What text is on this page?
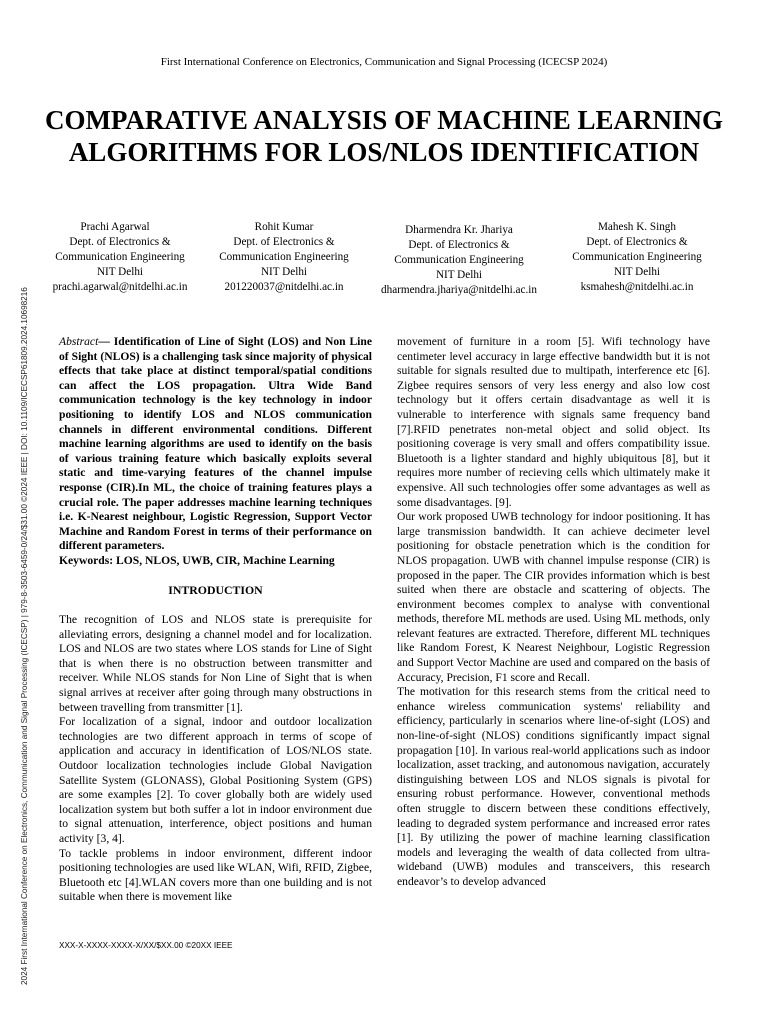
First International Conference on Electronics, Communication and Signal Processing (ICECSP 2024)
COMPARATIVE ANALYSIS OF MACHINE LEARNING ALGORITHMS FOR LOS/NLOS IDENTIFICATION
Prachi Agarwal
Dept. of Electronics &
Communication Engineering
NIT Delhi
prachi.agarwal@nitdelhi.ac.in
Rohit Kumar
Dept. of Electronics &
Communication Engineering
NIT Delhi
201220037@nitdelhi.ac.in
Dharmendra Kr. Jhariya
Dept. of Electronics &
Communication Engineering
NIT Delhi
dharmendra.jhariya@nitdelhi.ac.in
Mahesh K. Singh
Dept. of Electronics &
Communication Engineering
NIT Delhi
ksmahesh@nitdelhi.ac.in
2024 First International Conference on Electronics, Communication and Signal Processing (ICECSP) | 979-8-3503-6459-0/24/$31.00 ©2024 IEEE | DOI: 10.1109/ICECSP61809.2024.10698216	Abstract— Identification of Line of Sight (LOS) and Non Line of Sight (NLOS) is a challenging task since majority of physical effects that take place at distinct temporal/spatial conditions can affect the LOS propagation. Ultra Wide Band communication technology is the key technology in indoor positioning to identify LOS and NLOS communication channels in different environmental conditions. Different machine learning algorithms are used to identify on the basis of various training feature which basically exploits several static and time-varying features of the channel impulse response (CIR).In ML, the choice of training features plays a crucial role. The paper addresses machine learning techniques i.e. K-Nearest neighbour, Logistic Regression, Support Vector Machine and Random Forest in terms of their performance on different parameters.

Keywords: LOS, NLOS, UWB, CIR, Machine Learning

INTRODUCTION

The recognition of LOS and NLOS state is prerequisite for alleviating errors, designing a channel model and for localization. LOS and NLOS are two states where LOS stands for Line of Sight that is when there is no obstruction between transmitter and receiver. While NLOS stands for Non Line of Sight that is when signal arrives at receiver after going through many obstructions in between travelling from transmitter [1].

For localization of a signal, indoor and outdoor localization technologies are two different approach in terms of scope of application and accuracy in identification of LOS/NLOS state. Outdoor localization technologies include Global Navigation Satellite System (GLONASS), Global Positioning System (GPS) are some examples [2]. To cover globally both are widely used localization system but both suffer a lot in indoor environment due to signal attenuation, interference, object positions and human activity [3, 4].

To tackle problems in indoor environment, different indoor positioning technologies are used like WLAN, Wifi, RFID, Zigbee, Bluetooth etc [4].WLAN covers more than one building and is not suitable when there is movement like

movement of furniture in a room [5]. Wifi technology have centimeter level accuracy in large effective bandwidth but it is not suitable for signals resulted due to multipath, interference etc [6]. Zigbee requires sensors of very less energy and also low cost technology but it offers certain disadvantage as well it is vulnerable to interference with signals same frequency band [7].RFID penetrates non-metal object and solid object. Its positioning coverage is very small and offers compatibility issue. Bluetooth is a lighter standard and highly ubiquitous [8], but it requires more number of recieving cells which ultimately make it expensive. All such technologies offer some advantages as well as some disadvantages. [9].

Our work proposed UWB technology for indoor positioning. It has large transmission bandwidth. It can achieve decimeter level positioning for obstacle penetration which is the condition for NLOS propagation. UWB with channel impulse response (CIR) is proposed in the paper. The CIR provides information which is best suited when there are obstacle and scattering of objects. The environment becomes complex to analyse with conventional methods, therefore ML methods are used. Using ML methods, only relevant features are extracted. Therefore, different ML techniques like Random Forest, K Nearest Neighbour, Logistic Regression and Support Vector Machine are used and compared on the basis of Accuracy, Precision, F1 score and Recall.

The motivation for this research stems from the critical need to enhance wireless communication systems' reliability and efficiency, particularly in scenarios where line-of-sight (LOS) and non-line-of-sight (NLOS) conditions significantly impact signal propagation [10]. In various real-world applications such as indoor localization, asset tracking, and autonomous navigation, accurately distinguishing between LOS and NLOS signals is pivotal for ensuring robust performance. However, conventional methods often struggle to discern between these conditions effectively, leading to degraded system performance and increased error rates [1]. By utilizing the power of machine learning classification models and leveraging the wealth of data collected from ultra-wideband (UWB) modules and transceivers, this research endeavor’s to develop advanced

XXX-X-XXXX-XXXX-X/XX/$XX.00 ©20XX IEEE
